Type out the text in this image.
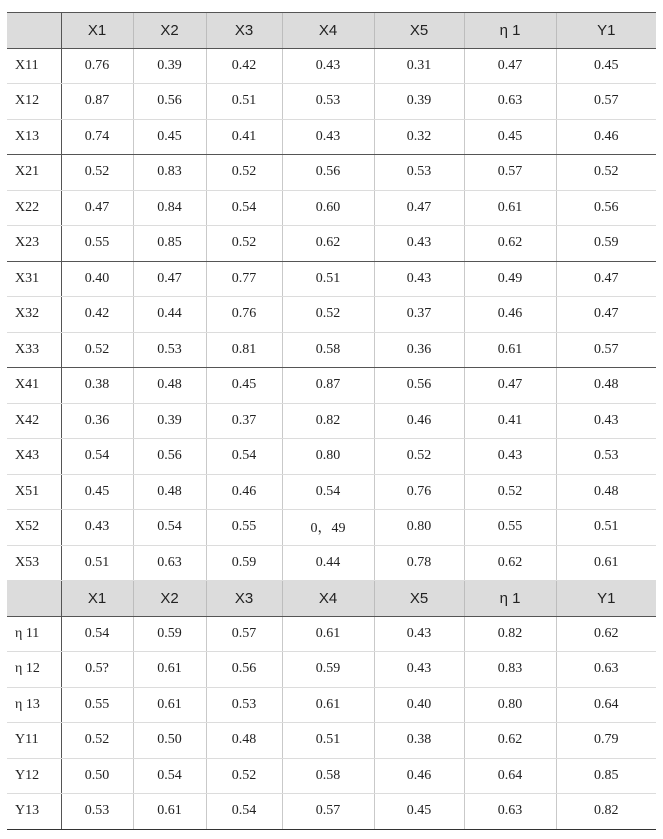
	X1	X2	X3	X4	X5	η 1	Y1
X11	0.76	0.39	0.42	0.43	0.31	0.47	0.45
X12	0.87	0.56	0.51	0.53	0.39	0.63	0.57
X13	0.74	0.45	0.41	0.43	0.32	0.45	0.46
X21	0.52	0.83	0.52	0.56	0.53	0.57	0.52
X22	0.47	0.84	0.54	0.60	0.47	0.61	0.56
X23	0.55	0.85	0.52	0.62	0.43	0.62	0.59
X31	0.40	0.47	0.77	0.51	0.43	0.49	0.47
X32	0.42	0.44	0.76	0.52	0.37	0.46	0.47
X33	0.52	0.53	0.81	0.58	0.36	0.61	0.57
X41	0.38	0.48	0.45	0.87	0.56	0.47	0.48
X42	0.36	0.39	0.37	0.82	0.46	0.41	0.43
X43	0.54	0.56	0.54	0.80	0.52	0.43	0.53
X51	0.45	0.48	0.46	0.54	0.76	0.52	0.48
X52	0.43	0.54	0.55	0，49	0.80	0.55	0.51
X53	0.51	0.63	0.59	0.44	0.78	0.62	0.61
	X1	X2	X3	X4	X5	η 1	Y1
η 11	0.54	0.59	0.57	0.61	0.43	0.82	0.62
η 12	0.5?	0.61	0.56	0.59	0.43	0.83	0.63
η 13	0.55	0.61	0.53	0.61	0.40	0.80	0.64
Y11	0.52	0.50	0.48	0.51	0.38	0.62	0.79
Y12	0.50	0.54	0.52	0.58	0.46	0.64	0.85
Y13	0.53	0.61	0.54	0.57	0.45	0.63	0.82
